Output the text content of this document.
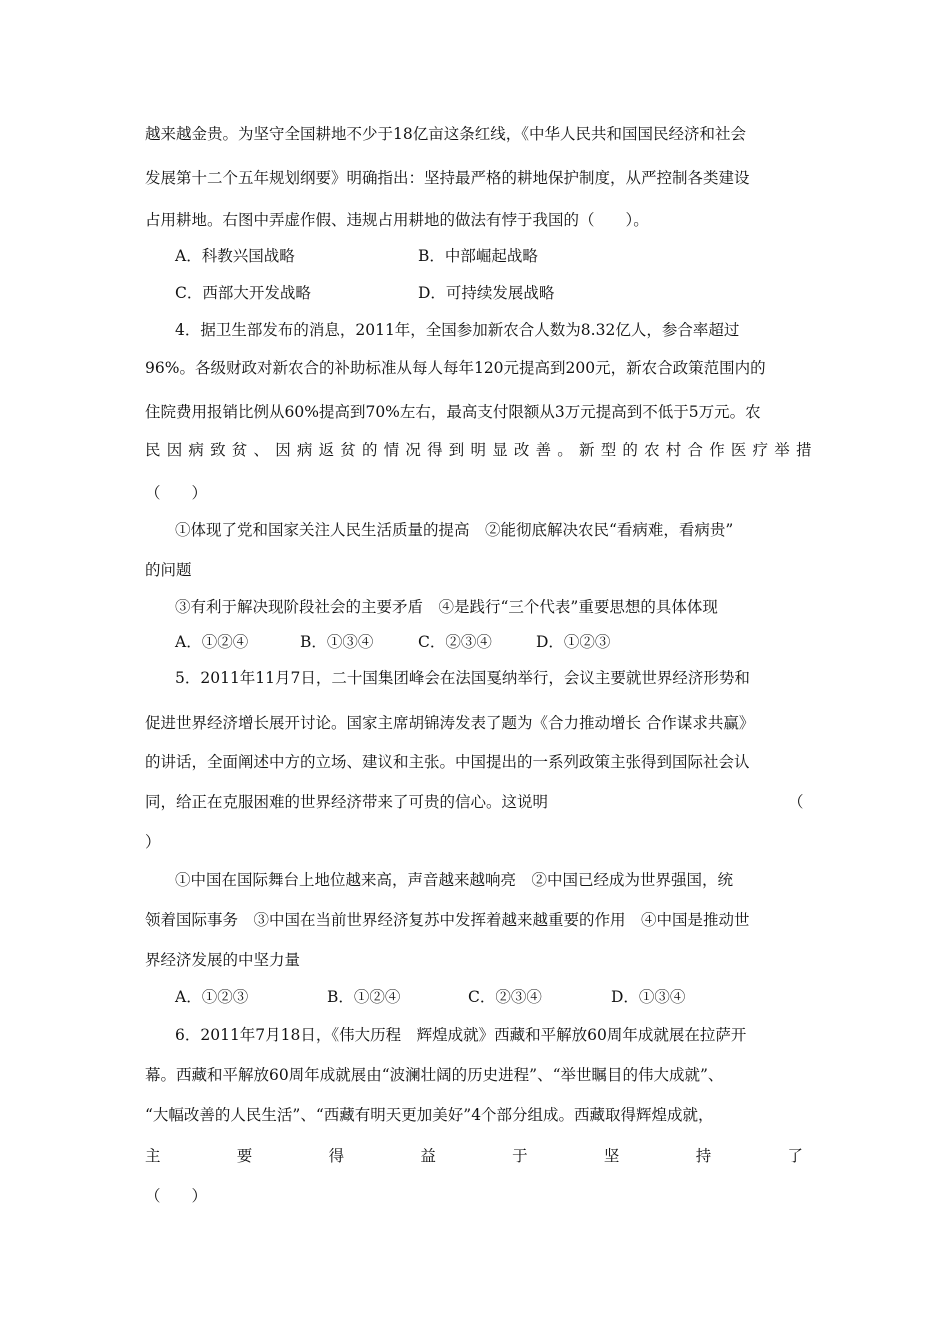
越来越金贵。为坚守全国耕地不少于18亿亩这条红线，《中华人民共和国国民经济和社会
发展第十二个五年规划纲要》明确指出：坚持最严格的耕地保护制度，从严控制各类建设
占用耕地。右图中弄虚作假、违规占用耕地的做法有悖于我国的（　　）。
A．科教兴国战略	B．中部崛起战略
C．西部大开发战略	D．可持续发展战略
4．据卫生部发布的消息，2011年，全国参加新农合人数为8.32亿人，参合率超过
96%。各级财政对新农合的补助标准从每人每年120元提高到200元，新农合政策范围内的
住院费用报销比例从60%提高到70%左右，最高支付限额从3万元提高到不低于5万元。农
民因病致贫、因病返贫的情况得到明显改善。新型的农村合作医疗举措
（　　）
①体现了党和国家关注人民生活质量的提高　②能彻底解决农民“看病难，看病贵”
的问题
③有利于解决现阶段社会的主要矛盾　④是践行“三个代表”重要思想的具体体现
A．①②④	B．①③④	C．②③④	D．①②③
5．2011年11月7日，二十国集团峰会在法国戛纳举行，会议主要就世界经济形势和
促进世界经济增长展开讨论。国家主席胡锦涛发表了题为《合力推动增长 合作谋求共赢》
的讲话，全面阐述中方的立场、建议和主张。中国提出的一系列政策主张得到国际社会认
同，给正在克服困难的世界经济带来了可贵的信心。这说明	（
）
①中国在国际舞台上地位越来高，声音越来越响亮　②中国已经成为世界强国，统
领着国际事务　③中国在当前世界经济复苏中发挥着越来越重要的作用　④中国是推动世
界经济发展的中坚力量
A．①②③	B．①②④	C．②③④	D．①③④
6．2011年7月18日，《伟大历程　辉煌成就》西藏和平解放60周年成就展在拉萨开
幕。西藏和平解放60周年成就展由“波澜壮阔的历史进程”、“举世瞩目的伟大成就”、
“大幅改善的人民生活”、“西藏有明天更加美好”4个部分组成。西藏取得辉煌成就，
主	要	得	益	于	坚	持	了
（　　）
